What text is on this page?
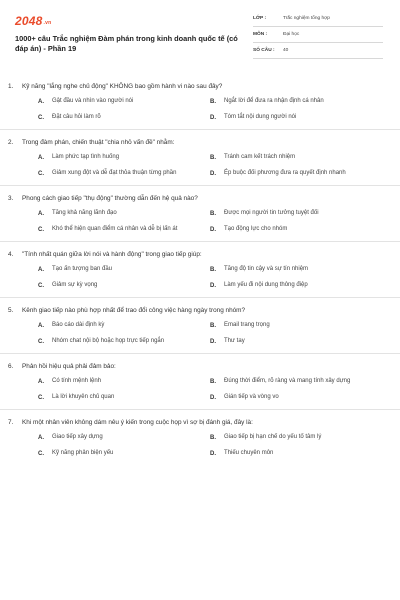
2048.vn
1000+ câu Trắc nghiệm Đàm phán trong kinh doanh quốc tế (có đáp án) - Phần 19
LỚP :	Trắc nghiệm tổng hợp
MÔN :	Đại học
SỐ CÂU : 40
1. Kỹ năng "lắng nghe chủ động" KHÔNG bao gồm hành vi nào sau đây?
A.	Gật đầu và nhìn vào người nói	B.	Ngắt lời để đưa ra nhận định cá nhân
C.	Đặt câu hỏi làm rõ	D.	Tóm tắt nội dung người nói
2. Trong đàm phán, chiến thuật "chia nhỏ vấn đề" nhằm:
A.	Làm phức tạp tình huống	B.	Tránh cam kết trách nhiệm
C.	Giảm xung đột và dễ đạt thỏa thuận từng phần	D.	Ép buộc đối phương đưa ra quyết định nhanh
3. Phong cách giao tiếp "thụ động" thường dẫn đến hệ quả nào?
A.	Tăng khả năng lãnh đạo	B.	Được mọi người tin tưởng tuyệt đối
C.	Khó thể hiện quan điểm cá nhân và dễ bị lấn át	D.	Tạo động lực cho nhóm
4. "Tính nhất quán giữa lời nói và hành động" trong giao tiếp giúp:
A.	Tạo ấn tượng ban đầu	B.	Tăng độ tin cậy và sự tín nhiệm
C.	Giảm sự kỳ vọng	D.	Làm yếu đi nội dung thông điệp
5. Kênh giao tiếp nào phù hợp nhất để trao đổi công việc hàng ngày trong nhóm?
A.	Báo cáo dài định kỳ	B.	Email trang trọng
C.	Nhóm chat nội bộ hoặc họp trực tiếp ngắn	D.	Thư tay
6. Phản hồi hiệu quả phải đảm bảo:
A.	Có tính mệnh lệnh	B.	Đúng thời điểm, rõ ràng và mang tính xây dựng
C.	Là lời khuyên chủ quan	D.	Gián tiếp và vòng vo
7. Khi một nhân viên không dám nêu ý kiến trong cuộc họp vì sợ bị đánh giá, đây là:
A.	Giao tiếp xây dựng	B.	Giao tiếp bị hạn chế do yếu tố tâm lý
C.	Kỹ năng phản biện yếu	D.	Thiếu chuyên môn
